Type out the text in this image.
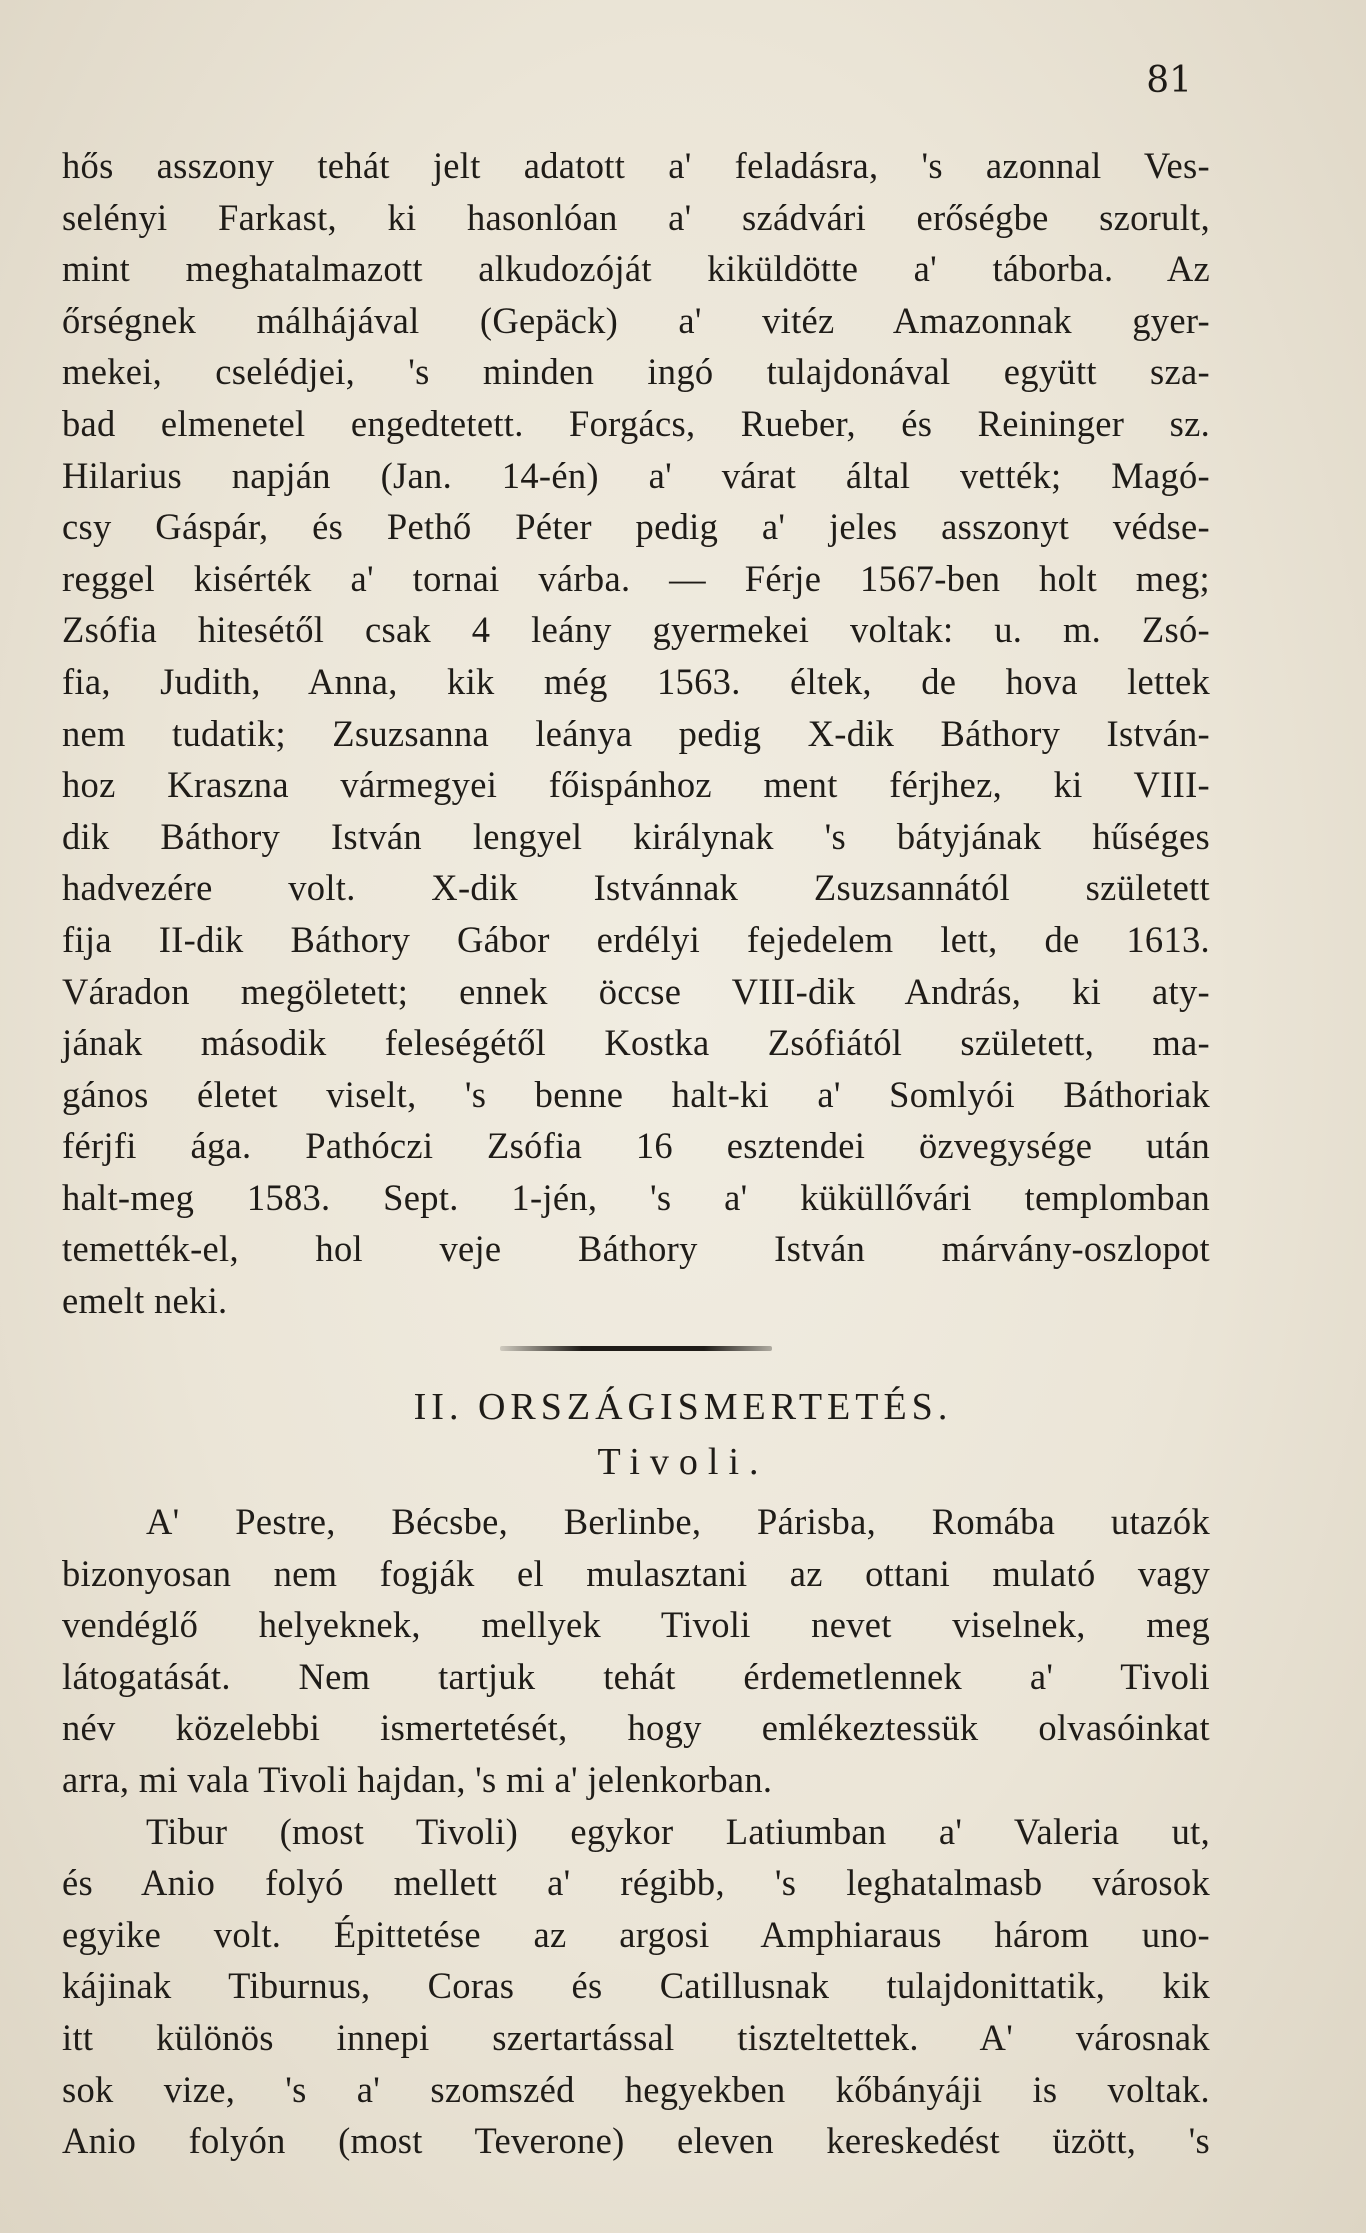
81
hős asszony tehát jelt adatott a' feladásra, 's azonnal Ves-
selényi Farkast, ki hasonlóan a' szádvári erőségbe szorult,
mint meghatalmazott alkudozóját kiküldötte a' táborba. Az
őrségnek málhájával (Gepäck) a' vitéz Amazonnak gyer-
mekei, cselédjei, 's minden ingó tulajdonával együtt sza-
bad elmenetel engedtetett. Forgács, Rueber, és Reininger sz.
Hilarius napján (Jan. 14-én) a' várat által vették; Magó-
csy Gáspár, és Pethő Péter pedig a' jeles asszonyt védse-
reggel kisérték a' tornai várba. — Férje 1567-ben holt meg;
Zsófia hitesétől csak 4 leány gyermekei voltak: u. m. Zsó-
fia, Judith, Anna, kik még 1563. éltek, de hova lettek
nem tudatik; Zsuzsanna leánya pedig X-dik Báthory István-
hoz Kraszna vármegyei főispánhoz ment férjhez, ki VIII-
dik Báthory István lengyel királynak 's bátyjának hűséges
hadvezére volt. X-dik Istvánnak Zsuzsannától született
fija II-dik Báthory Gábor erdélyi fejedelem lett, de 1613.
Váradon megöletett; ennek öccse VIII-dik András, ki aty-
jának második feleségétől Kostka Zsófiától született, ma-
gános életet viselt, 's benne halt-ki a' Somlyói Báthoriak
férjfi ága. Pathóczi Zsófia 16 esztendei özvegysége után
halt-meg 1583. Sept. 1-jén, 's a' küküllővári templomban
temették-el, hol veje Báthory István márvány-oszlopot
emelt neki.
II. ORSZÁGISMERTETÉS.
Tivoli.
A' Pestre, Bécsbe, Berlinbe, Párisba, Romába utazók
bizonyosan nem fogják el mulasztani az ottani mulató vagy
vendéglő helyeknek, mellyek Tivoli nevet viselnek, meg
látogatását. Nem tartjuk tehát érdemetlennek a' Tivoli
név közelebbi ismertetését, hogy emlékeztessük olvasóinkat
arra, mi vala Tivoli hajdan, 's mi a' jelenkorban.
Tibur (most Tivoli) egykor Latiumban a' Valeria ut,
és Anio folyó mellett a' régibb, 's leghatalmasb városok
egyike volt. Épittetése az argosi Amphiaraus három uno-
kájinak Tiburnus, Coras és Catillusnak tulajdonittatik, kik
itt különös innepi szertartással tiszteltettek. A' városnak
sok vize, 's a' szomszéd hegyekben kőbányáji is voltak.
Anio folyón (most Teverone) eleven kereskedést üzött, 's
